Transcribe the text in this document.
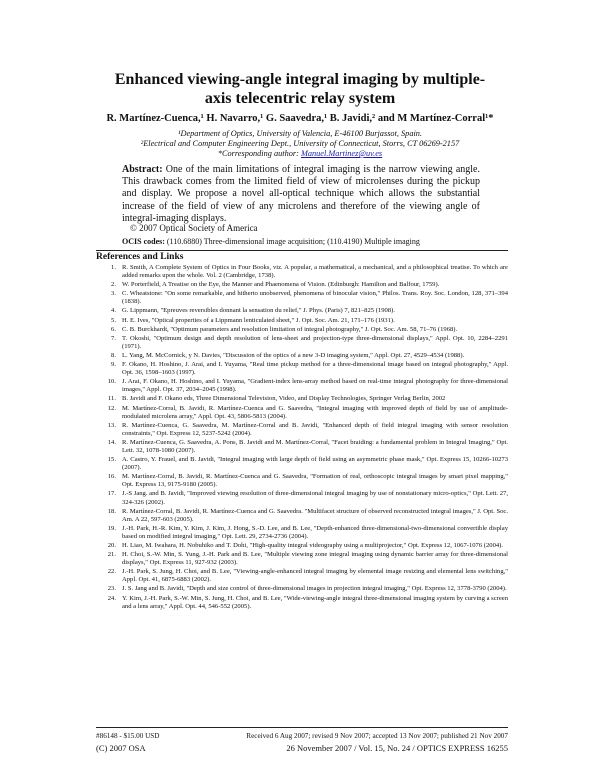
Enhanced viewing-angle integral imaging by multiple-
axis telecentric relay system
R. Martínez-Cuenca,¹ H. Navarro,¹ G. Saavedra,¹ B. Javidi,² and M Martínez-Corral¹*
¹Department of Optics, University of Valencia, E-46100 Burjassot, Spain.
²Electrical and Computer Engineering Dept., University of Connecticut, Storrs, CT 06269-2157
*Corresponding author: Manuel.Martinez@uv.es
Abstract: One of the main limitations of integral imaging is the narrow viewing angle. This drawback comes from the limited field of view of microlenses during the pickup and display. We propose a novel all-optical technique which allows the substantial increase of the field of view of any microlens and therefore of the viewing angle of integral-imaging displays.
© 2007 Optical Society of America
OCIS codes: (110.6880) Three-dimensional image acquisition; (110.4190) Multiple imaging
References and Links
1. R. Smith, A Complete System of Optics in Four Books, viz. A popular, a mathematical, a mechanical, and a philosophical treatise. To which are added remarks upon the whole. Vol. 2 (Cambridge, 1738).
2. W. Porterfield, A Treatise on the Eye, the Manner and Phaenomena of Vision. (Edinburgh: Hamilton and Balfour, 1759).
3. C. Wheatstone: "On some remarkable, and hitherto unobserved, phenomena of binocular vision," Philos. Trans. Roy. Soc. London, 128, 371–394 (1838).
4. G. Lippmann, "Epreuves reversibles donnant la sensation du relief," J. Phys. (Paris) 7, 821–825 (1908).
5. H. E. Ives, "Optical properties of a Lippmann lenticulated sheet," J. Opt. Soc. Am. 21, 171–176 (1931).
6. C. B. Burckhardt, "Optimum parameters and resolution limitation of integral photography," J. Opt. Soc. Am. 58, 71–76 (1968).
7. T. Okoshi, "Optimum design and depth resolution of lens-sheet and projection-type three-dimensional displays," Appl. Opt. 10, 2284–2291 (1971).
8. L. Yang, M. McCornick, y N. Davies, "Discussion of the optics of a new 3-D imaging system," Appl. Opt. 27, 4529–4534 (1988).
9. F. Okano, H. Hoshino, J. Arai, and I. Yuyama, "Real time pickup method for a three-dimensional image based on integral photography," Appl. Opt. 36, 1598–1603 (1997).
10. J. Arai, F. Okano, H. Hoshino, and I. Yuyama, "Gradient-index lens-array method based on real-time integral photography for three-dimensional images," Appl. Opt. 37, 2034–2045 (1998).
11. B. Javidi and F. Okano eds, Three Dimensional Television, Video, and Display Technologies, Springer Verlag Berlin, 2002
12. M. Martínez-Corral, B. Javidi, R. Martínez-Cuenca and G. Saavedra, "Integral imaging with improved depth of field by use of amplitude-modulated microlens array," Appl. Opt. 43, 5806-5813 (2004).
13. R. Martínez-Cuenca, G. Saavedra, M. Martínez-Corral and B. Javidi, "Enhanced depth of field integral imaging with sensor resolution constraints," Opt. Express 12, 5237-5242 (2004).
14. R. Martínez-Cuenca, G. Saavedra, A. Pons, B. Javidi and M. Martínez-Corral, "Facet braiding: a fundamental problem in Integral Imaging," Opt. Lett. 32, 1078-1080 (2007).
15. A. Castro, Y. Frauel, and B. Javidi, "Integral imaging with large depth of field using an asymmetric phase mask," Opt. Express 15, 10266-10273 (2007).
16. M. Martínez-Corral, B. Javidi, R. Martínez-Cuenca and G. Saavedra, "Formation of real, orthoscopic integral images by smart pixel mapping," Opt. Express 13, 9175-9180 (2005).
17. J.-S Jang. and B. Javidi, "Improved viewing resolution of three-dimensional integral imaging by use of nonstationary micro-optics," Opt. Lett. 27, 324-326 (2002).
18. R. Martínez-Corral, B. Javidi, R. Martínez-Cuenca and G. Saavedra. "Multifacet structure of observed reconstructed integral images," J. Opt. Soc. Am. A 22, 597-603 (2005).
19. J.-H. Park, H.-R. Kim, Y. Kim, J. Kim, J. Hong, S.-D. Lee, and B. Lee, "Depth-enhanced three-dimensional-two-dimensional convertible display based on modified integral imaging," Opt. Lett. 29, 2734-2736 (2004).
20. H. Liao, M. Iwahara, H. Nobuhiko and T. Dohi, "High-quality integral videography using a multiprojector," Opt. Express 12, 1067-1076 (2004).
21. H. Choi, S.-W. Min, S. Yung, J.-H. Park and B. Lee, "Multiple viewing zone integral imaging using dynamic barrier array for three-dimensional displays," Opt. Express 11, 927-932 (2003).
22. J.-H. Park, S. Jung, H. Choi, and B. Lee, "Viewing-angle-enhanced integral imaging by elemental image resizing and elemental lens switching," Appl. Opt. 41, 6875-6883 (2002).
23. J. S. Jang and B. Javidi, "Depth and size control of three-dimensional images in projection integral imaging," Opt. Express 12, 3778-3790 (2004).
24. Y. Kim, J.-H. Park, S.-W. Min, S. Jung, H. Choi, and B. Lee, "Wide-viewing-angle integral three-dimensional imaging system by curving a screen and a lens array," Appl. Opt. 44, 546-552 (2005).
#86148 - $15.00 USD	Received 6 Aug 2007; revised 9 Nov 2007; accepted 13 Nov 2007; published 21 Nov 2007
(C) 2007 OSA	26 November 2007 / Vol. 15, No. 24 / OPTICS EXPRESS 16255
